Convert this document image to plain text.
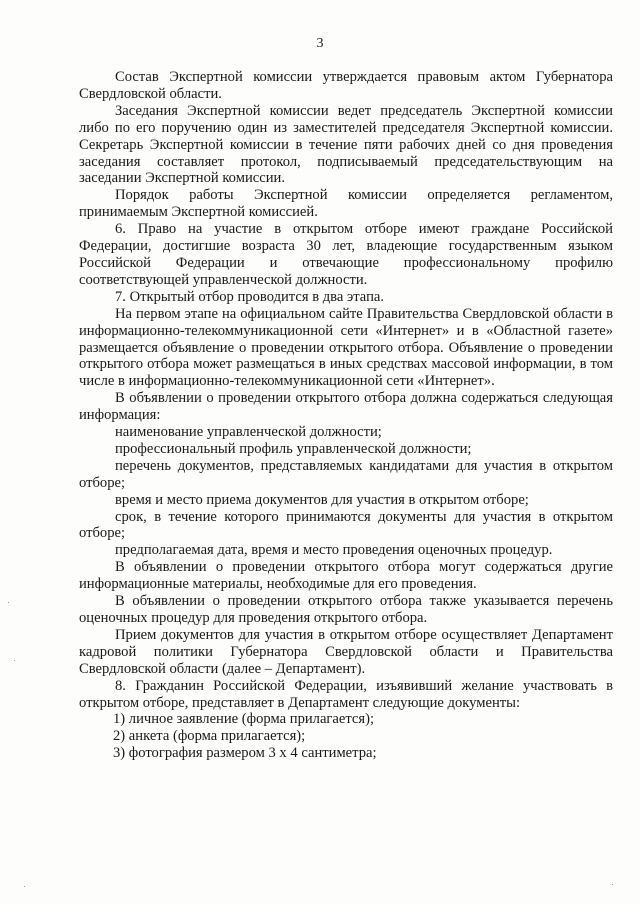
3

Состав Экспертной комиссии утверждается правовым актом Губернатора Свердловской области.

Заседания Экспертной комиссии ведет председатель Экспертной комиссии либо по его поручению один из заместителей председателя Экспертной комиссии. Секретарь Экспертной комиссии в течение пяти рабочих дней со дня проведения заседания составляет протокол, подписываемый председательствующим на заседании Экспертной комиссии.

Порядок работы Экспертной комиссии определяется регламентом, принимаемым Экспертной комиссией.

6. Право на участие в открытом отборе имеют граждане Российской Федерации, достигшие возраста 30 лет, владеющие государственным языком Российской Федерации и отвечающие профессиональному профилю соответствующей управленческой должности.

7. Открытый отбор проводится в два этапа.

На первом этапе на официальном сайте Правительства Свердловской области в информационно-телекоммуникационной сети «Интернет» и в «Областной газете» размещается объявление о проведении открытого отбора. Объявление о проведении открытого отбора может размещаться в иных средствах массовой информации, в том числе в информационно-телекоммуникационной сети «Интернет».

В объявлении о проведении открытого отбора должна содержаться следующая информация:

наименование управленческой должности;

профессиональный профиль управленческой должности;

перечень документов, представляемых кандидатами для участия в открытом отборе;

время и место приема документов для участия в открытом отборе;

срок, в течение которого принимаются документы для участия в открытом отборе;

предполагаемая дата, время и место проведения оценочных процедур.

В объявлении о проведении открытого отбора могут содержаться другие информационные материалы, необходимые для его проведения.

В объявлении о проведении открытого отбора также указывается перечень оценочных процедур для проведения открытого отбора.

Прием документов для участия в открытом отборе осуществляет Департамент кадровой политики Губернатора Свердловской области и Правительства Свердловской области (далее – Департамент).

8. Гражданин Российской Федерации, изъявивший желание участвовать в открытом отборе, представляет в Департамент следующие документы:

1) личное заявление (форма прилагается);

2) анкета (форма прилагается);

3) фотография размером 3 х 4 сантиметра;
